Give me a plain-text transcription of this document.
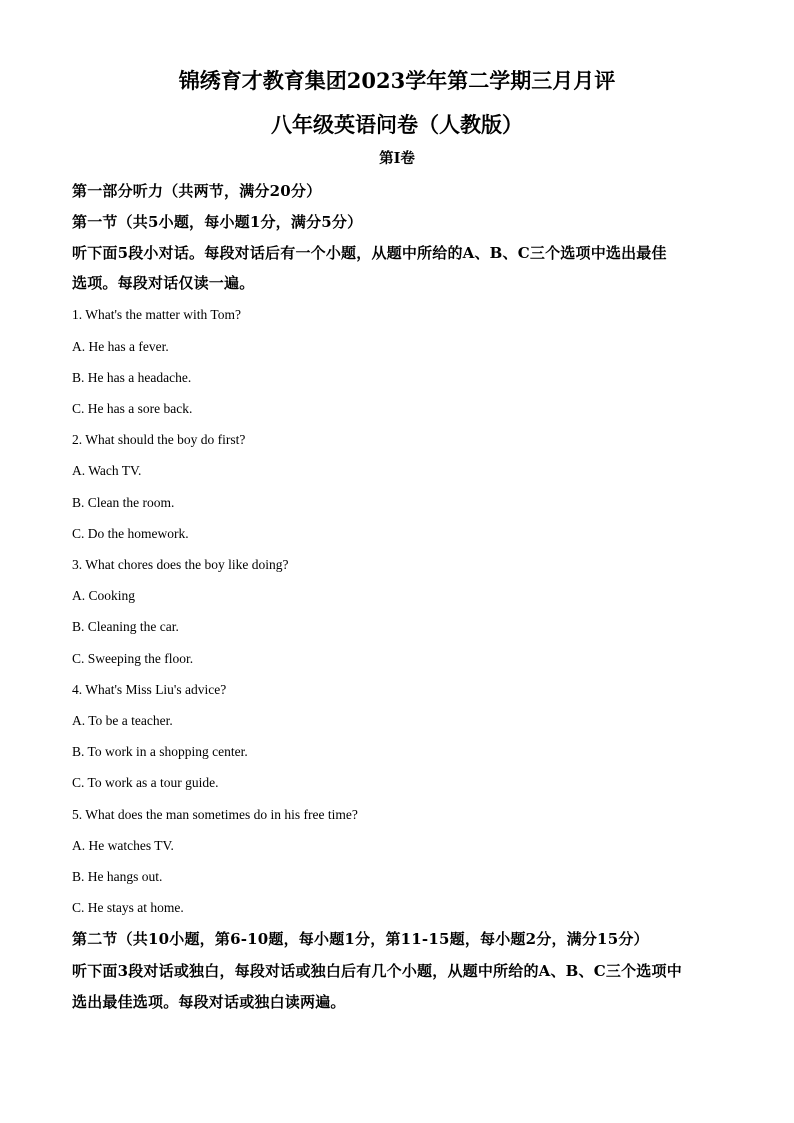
锦绣育才教育集团2023学年第二学期三月月评
八年级英语问卷（人教版）
第I卷
第一部分听力（共两节，满分20分）
第一节（共5小题，每小题1分，满分5分）
听下面5段小对话。每段对话后有一个小题，从题中所给的A、B、C三个选项中选出最佳
选项。每段对话仅读一遍。
1. What's the matter with Tom?
A. He has a fever.
B. He has a headache.
C. He has a sore back.
2. What should the boy do first?
A. Wach TV.
B. Clean the room.
C. Do the homework.
3. What chores does the boy like doing?
A. Cooking
B. Cleaning the car.
C. Sweeping the floor.
4. What's Miss Liu's advice?
A. To be a teacher.
B. To work in a shopping center.
C. To work as a tour guide.
5. What does the man sometimes do in his free time?
A. He watches TV.
B. He hangs out.
C. He stays at home.
第二节（共10小题，第6-10题，每小题1分，第11-15题，每小题2分，满分15分）
听下面3段对话或独白，每段对话或独白后有几个小题，从题中所给的A、B、C三个选项中
选出最佳选项。每段对话或独白读两遍。
